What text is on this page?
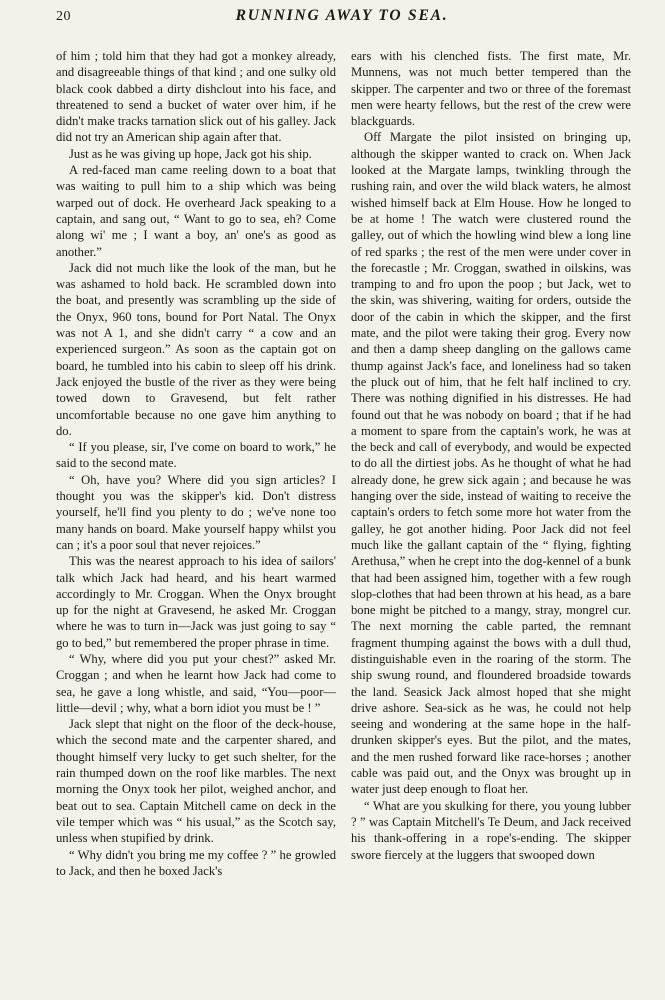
20	RUNNING AWAY TO SEA.

of him ; told him that they had got a monkey already, and disagreeable things of that kind ; and one sulky old black cook dabbed a dirty dishclout into his face, and threatened to send a bucket of water over him, if he didn't make tracks tarnation slick out of his galley. Jack did not try an American ship again after that.

Just as he was giving up hope, Jack got his ship.

A red-faced man came reeling down to a boat that was waiting to pull him to a ship which was being warped out of dock. He overheard Jack speaking to a captain, and sang out, “ Want to go to sea, eh? Come along wi' me ; I want a boy, an' one's as good as another.”

Jack did not much like the look of the man, but he was ashamed to hold back. He scrambled down into the boat, and presently was scrambling up the side of the Onyx, 960 tons, bound for Port Natal. The Onyx was not A 1, and she didn't carry “ a cow and an experienced surgeon.” As soon as the captain got on board, he tumbled into his cabin to sleep off his drink. Jack enjoyed the bustle of the river as they were being towed down to Gravesend, but felt rather uncomfortable because no one gave him anything to do.

“ If you please, sir, I've come on board to work,” he said to the second mate.

“ Oh, have you? Where did you sign articles? I thought you was the skipper's kid. Don't distress yourself, he'll find you plenty to do ; we've none too many hands on board. Make yourself happy whilst you can ; it's a poor soul that never rejoices.”

This was the nearest approach to his idea of sailors' talk which Jack had heard, and his heart warmed accordingly to Mr. Croggan. When the Onyx brought up for the night at Gravesend, he asked Mr. Croggan where he was to turn in—Jack was just going to say “ go to bed,” but remembered the proper phrase in time.

“ Why, where did you put your chest?” asked Mr. Croggan ; and when he learnt how Jack had come to sea, he gave a long whistle, and said, “You—poor—little—devil ; why, what a born idiot you must be ! ”

Jack slept that night on the floor of the deck-house, which the second mate and the carpenter shared, and thought himself very lucky to get such shelter, for the rain thumped down on the roof like marbles. The next morning the Onyx took her pilot, weighed anchor, and beat out to sea. Captain Mitchell came on deck in the vile temper which was “ his usual,” as the Scotch say, unless when stupified by drink.

“ Why didn't you bring me my coffee ? ” he growled to Jack, and then he boxed Jack's

ears with his clenched fists. The first mate, Mr. Munnens, was not much better tempered than the skipper. The carpenter and two or three of the foremast men were hearty fellows, but the rest of the crew were blackguards.

Off Margate the pilot insisted on bringing up, although the skipper wanted to crack on. When Jack looked at the Margate lamps, twinkling through the rushing rain, and over the wild black waters, he almost wished himself back at Elm House. How he longed to be at home ! The watch were clustered round the galley, out of which the howling wind blew a long line of red sparks ; the rest of the men were under cover in the forecastle ; Mr. Croggan, swathed in oilskins, was tramping to and fro upon the poop ; but Jack, wet to the skin, was shivering, waiting for orders, outside the door of the cabin in which the skipper, and the first mate, and the pilot were taking their grog. Every now and then a damp sheep dangling on the gallows came thump against Jack's face, and loneliness had so taken the pluck out of him, that he felt half inclined to cry. There was nothing dignified in his distresses. He had found out that he was nobody on board ; that if he had a moment to spare from the captain's work, he was at the beck and call of everybody, and would be expected to do all the dirtiest jobs. As he thought of what he had already done, he grew sick again ; and because he was hanging over the side, instead of waiting to receive the captain's orders to fetch some more hot water from the galley, he got another hiding. Poor Jack did not feel much like the gallant captain of the “ flying, fighting Arethusa,” when he crept into the dog-kennel of a bunk that had been assigned him, together with a few rough slop-clothes that had been thrown at his head, as a bare bone might be pitched to a mangy, stray, mongrel cur. The next morning the cable parted, the remnant fragment thumping against the bows with a dull thud, distinguishable even in the roaring of the storm. The ship swung round, and floundered broadside towards the land. Seasick Jack almost hoped that she might drive ashore. Sea-sick as he was, he could not help seeing and wondering at the same hope in the half-drunken skipper's eyes. But the pilot, and the mates, and the men rushed forward like race-horses ; another cable was paid out, and the Onyx was brought up in water just deep enough to float her.

“ What are you skulking for there, you young lubber ? ” was Captain Mitchell's Te Deum, and Jack received his thank-offering in a rope's-ending. The skipper swore fiercely at the luggers that swooped down
